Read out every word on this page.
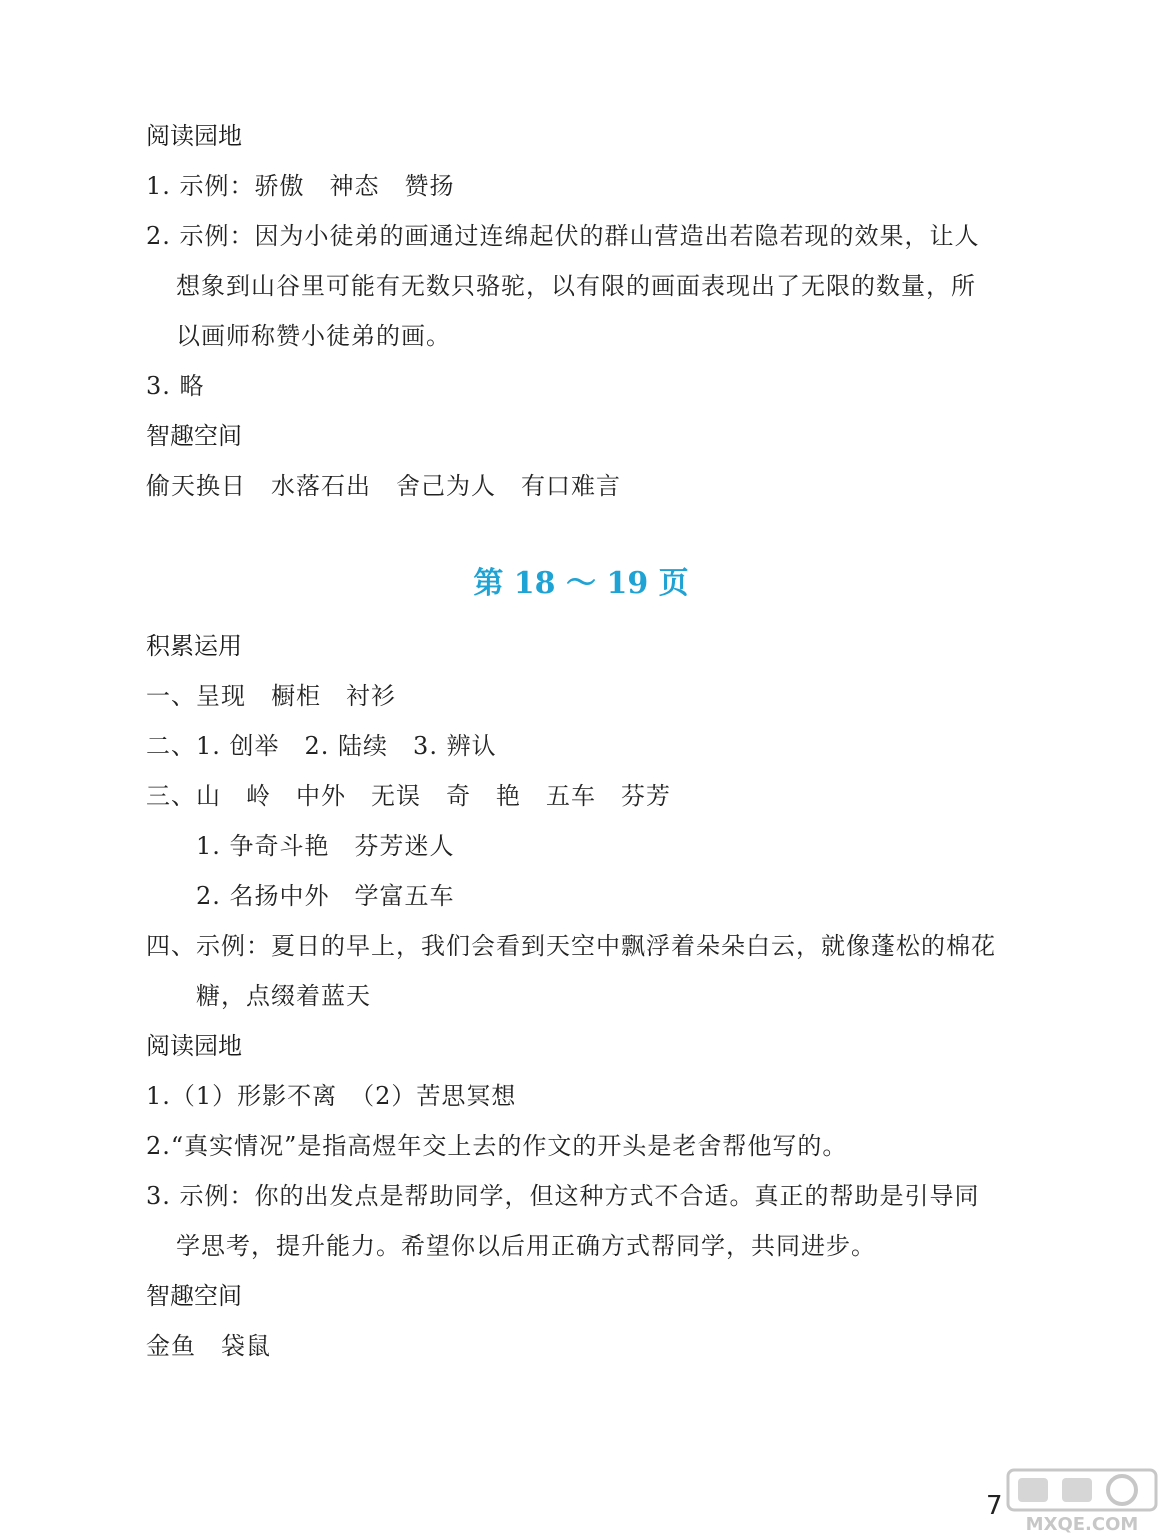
阅读园地
1. 示例：骄傲　神态　赞扬
2. 示例：因为小徒弟的画通过连绵起伏的群山营造出若隐若现的效果，让人
想象到山谷里可能有无数只骆驼，以有限的画面表现出了无限的数量，所
以画师称赞小徒弟的画。
3. 略
智趣空间
偷天换日　水落石出　舍己为人　有口难言
第 18 ～ 19 页
积累运用
一、呈现　橱柜　衬衫
二、1. 创举　2. 陆续　3. 辨认
三、山　岭　中外　无误　奇　艳　五车　芬芳
1. 争奇斗艳　芬芳迷人
2. 名扬中外　学富五车
四、示例：夏日的早上，我们会看到天空中飘浮着朵朵白云，就像蓬松的棉花
糖，点缀着蓝天
阅读园地
1.（1）形影不离　（2）苦思冥想
2.“真实情况”是指高煜年交上去的作文的开头是老舍帮他写的。
3. 示例：你的出发点是帮助同学，但这种方式不合适。真正的帮助是引导同
学思考，提升能力。希望你以后用正确方式帮同学，共同进步。
智趣空间
金鱼　袋鼠
7
MXQE.COM
